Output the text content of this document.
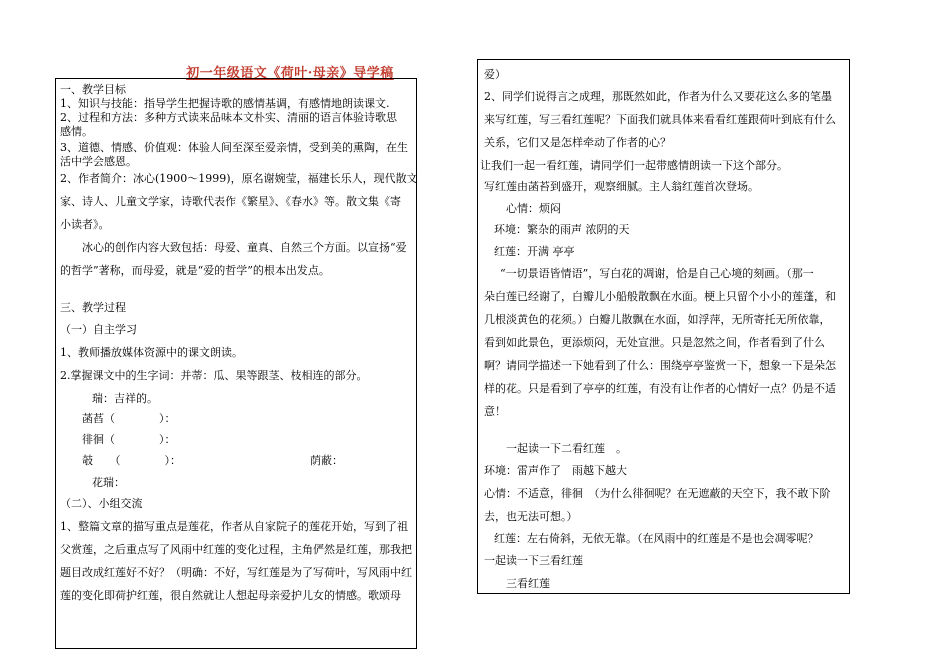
初一年级语文《荷叶·母亲》导学稿
一、教学目标
1、知识与技能：指导学生把握诗歌的感情基调，有感情地朗读课文.
2、过程和方法：多种方式读来品味本文朴实、清丽的语言体验诗歌思
感情。
3、道德、情感、价值观：体验人间至深至爱亲情，受到美的熏陶，在生
活中学会感恩。
2、作者简介：冰心(1900～1999)，原名谢婉莹，福建长乐人，现代散文
家、诗人、儿童文学家，诗歌代表作《繁星》、《春水》等。散文集《寄
小读者》。
冰心的创作内容大致包括：母爱、童真、自然三个方面。以宣扬“爱
的哲学”著称，而母爱，就是“爱的哲学”的根本出发点。
三、教学过程
（一）自主学习
1、教师播放媒体资源中的课文朗读。
2.掌握课文中的生字词：并蒂：瓜、果等跟茎、枝相连的部分。
瑞：吉祥的。
菡萏（　　　　）：
徘徊（　　　　）：
攲　　（　　　　）：	荫蔽：
花瑞：
（二）、小组交流
1、整篇文章的描写重点是莲花，作者从自家院子的莲花开始，写到了祖
父赏莲，之后重点写了风雨中红莲的变化过程，主角俨然是红莲，那我把
题目改成红莲好不好？（明确：不好，写红莲是为了写荷叶，写风雨中红
莲的变化即荷护红莲，很自然就让人想起母亲爱护儿女的情感。歌颂母
爱）
2、同学们说得言之成理，那既然如此，作者为什么又要花这么多的笔墨
来写红莲，写三看红莲呢？下面我们就具体来看看红莲跟荷叶到底有什么
关系，它们又是怎样牵动了作者的心？
让我们一起一看红莲，请同学们一起带感情朗读一下这个部分。
写红莲由菡苔到盛开，观察细腻。主人翁红莲首次登场。
心情：烦闷
环境：繁杂的雨声 浓阴的天
红莲：开满 亭亭
“一切景语皆情语”，写白花的凋谢，恰是自己心境的刻画。（那一
朵白莲已经谢了，白瓣儿小船般散飘在水面。梗上只留个小小的莲蓬，和
几根淡黄色的花须。）白瓣儿散飘在水面，如浮萍，无所寄托无所依靠，
看到如此景色，更添烦闷，无处宣泄。只是忽然之间，作者看到了什么
啊？请同学描述一下她看到了什么：围绕亭亭鉴赏一下，想象一下是朵怎
样的花。只是看到了亭亭的红莲，有没有让作者的心情好一点？仍是不适
意！
一起读一下二看红莲　。
环境：雷声作了　雨越下越大
心情：不适意，徘徊　（为什么徘徊呢？在无遮蔽的天空下，我不敢下阶
去，也无法可想。）
红莲：左右倚斜，无依无靠。（在风雨中的红莲是不是也会凋零呢？
一起读一下三看红莲
三看红莲
